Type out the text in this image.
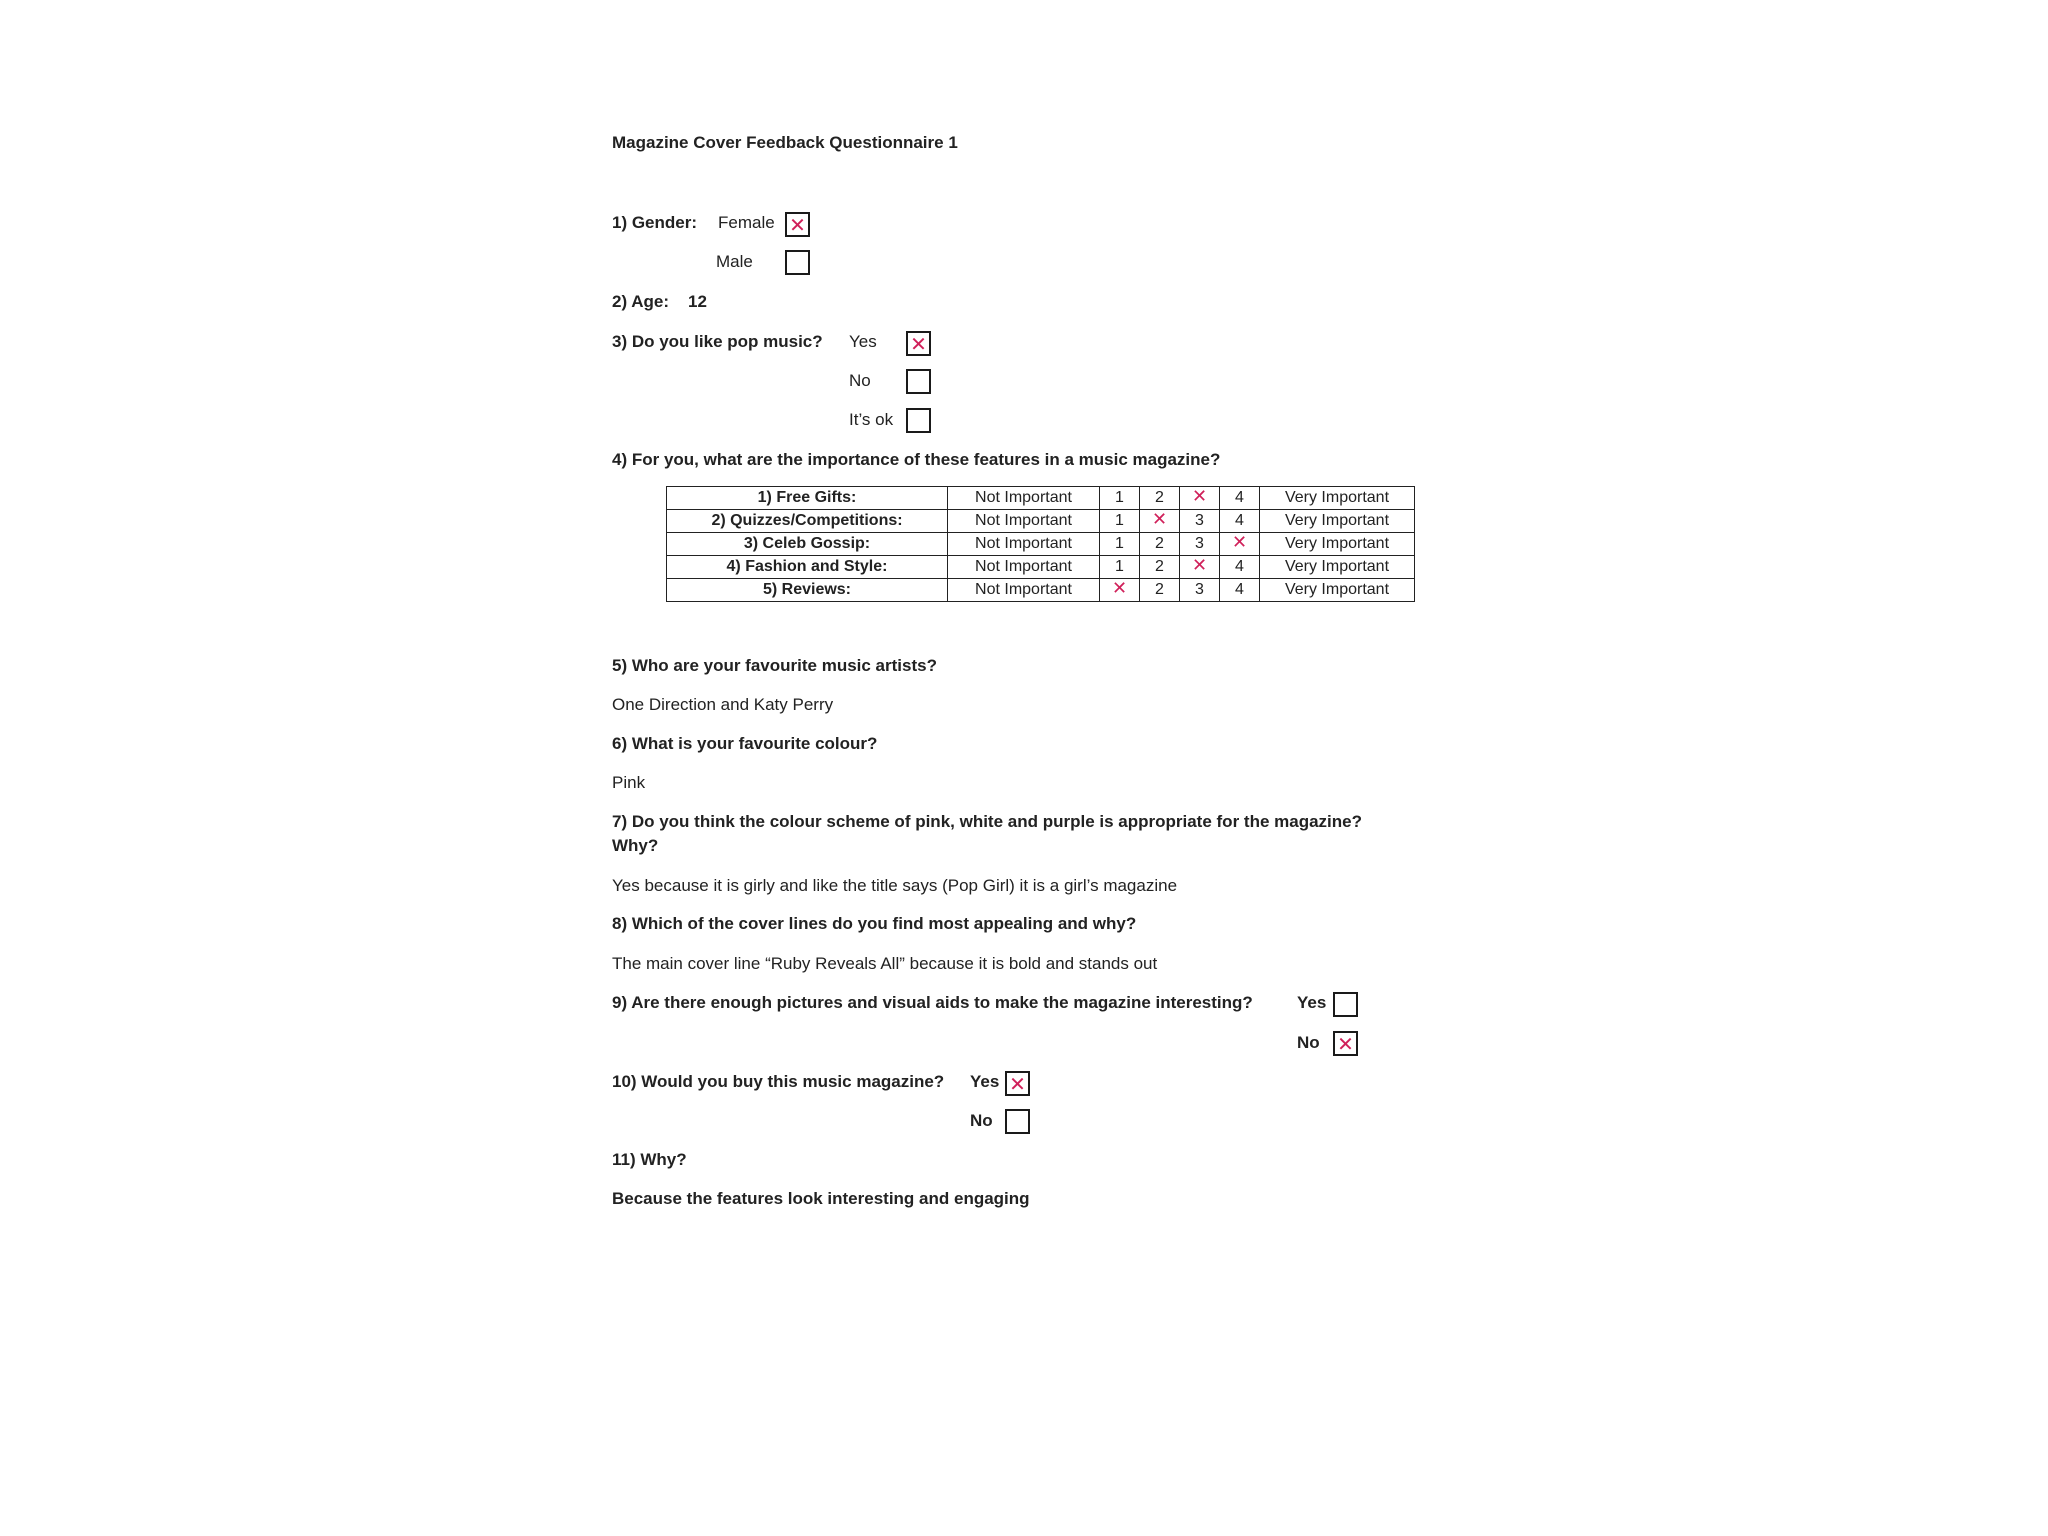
Magazine Cover Feedback Questionnaire 1
1) Gender: Female ✕
Male
2) Age: 12
3) Do you like pop music? Yes ✕
No
It’s ok
4) For you, what are the importance of these features in a music magazine?
1) Free Gifts:	Not Important	1	2	✕	4	Very Important
2) Quizzes/Competitions:	Not Important	1	✕	3	4	Very Important
3) Celeb Gossip:	Not Important	1	2	3	✕	Very Important
4) Fashion and Style:	Not Important	1	2	✕	4	Very Important
5) Reviews:	Not Important	✕	2	3	4	Very Important
5) Who are your favourite music artists?
One Direction and Katy Perry
6) What is your favourite colour?
Pink
7) Do you think the colour scheme of pink, white and purple is appropriate for the magazine?
Why?
Yes because it is girly and like the title says (Pop Girl) it is a girl’s magazine
8) Which of the cover lines do you find most appealing and why?
The main cover line “Ruby Reveals All” because it is bold and stands out
9) Are there enough pictures and visual aids to make the magazine interesting?	Yes
No ✕
10) Would you buy this music magazine? Yes ✕
No
11) Why?
Because the features look interesting and engaging
